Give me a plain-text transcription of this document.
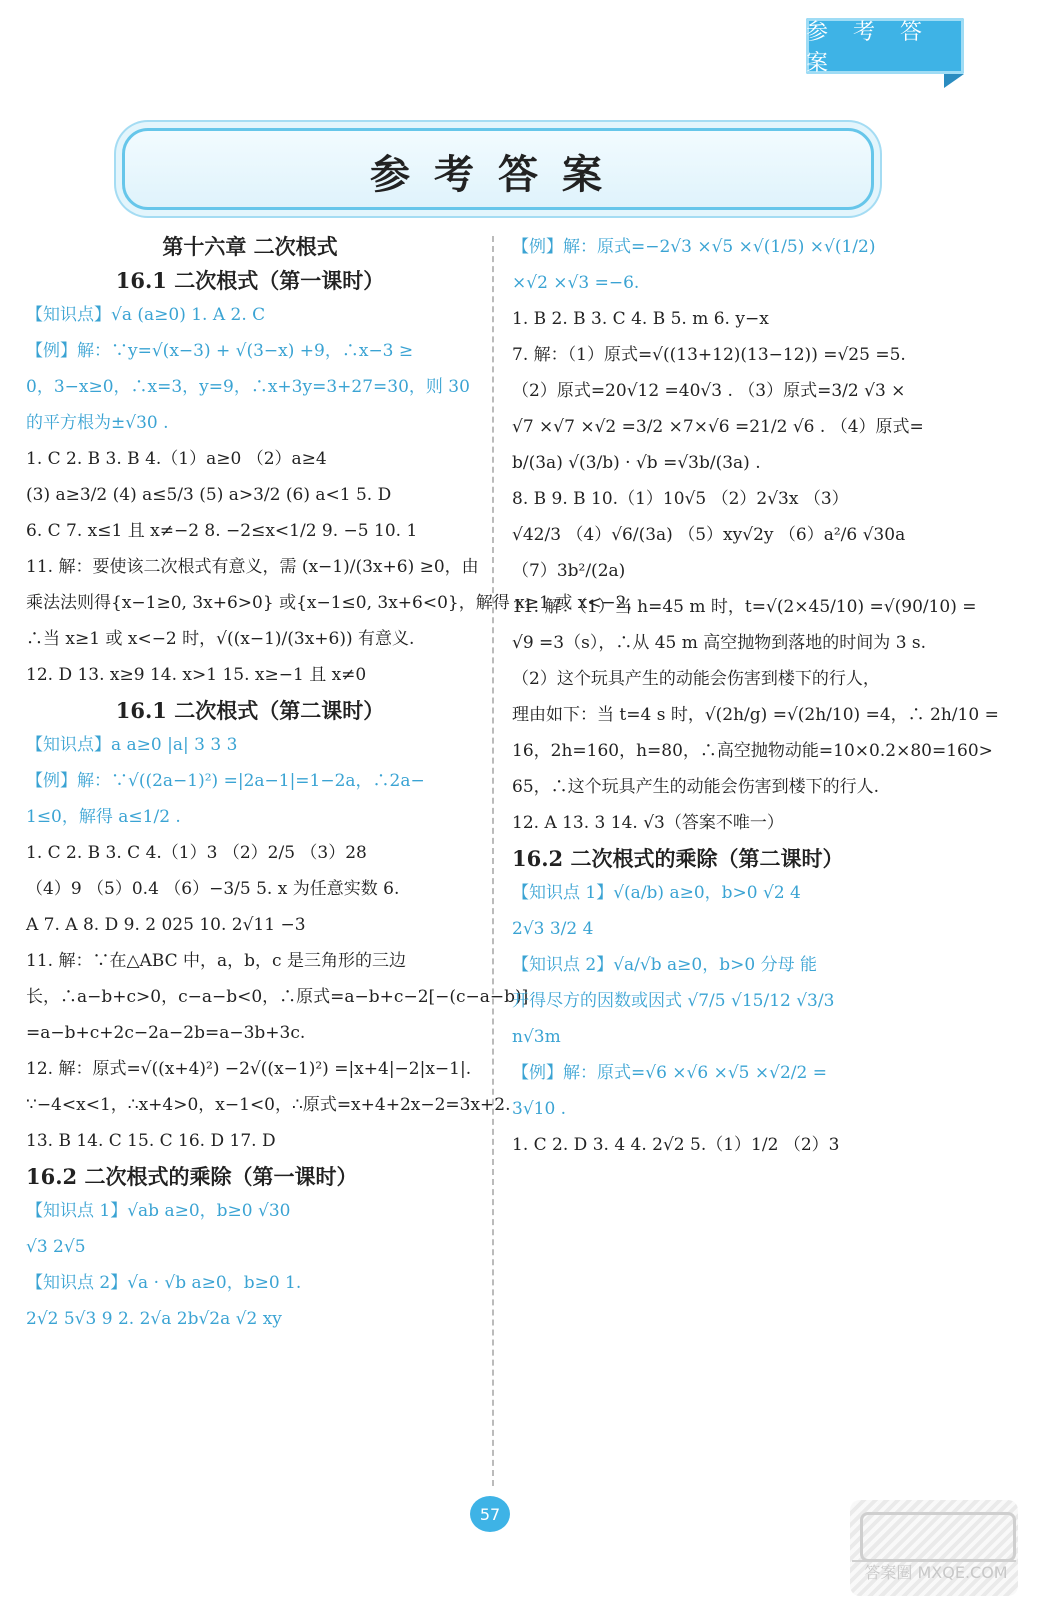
参 考 答 案
参考答案
第十六章 二次根式
16.1 二次根式（第一课时）
【知识点】√a (a≥0) 1. A 2. C
【例】解：∵y=√(x−3) + √(3−x) +9，∴x−3 ≥
0，3−x≥0，∴x=3，y=9，∴x+3y=3+27=30，则 30
的平方根为±√30 .
1. C 2. B 3. B 4.（1）a≥0 （2）a≥4
(3) a≥3/2 (4) a≤5/3 (5) a>3/2 (6) a<1 5. D
6. C 7. x≤1 且 x≠−2 8. −2≤x<1/2 9. −5 10. 1
11. 解：要使该二次根式有意义，需 (x−1)/(3x+6) ≥0，由
乘法法则得{x−1≥0, 3x+6>0} 或{x−1≤0, 3x+6<0}，解得 x≥1 或 x<−2，
∴当 x≥1 或 x<−2 时，√((x−1)/(3x+6)) 有意义.
12. D 13. x≥9 14. x>1 15. x≥−1 且 x≠0
16.1 二次根式（第二课时）
【知识点】a a≥0 |a| 3 3 3
【例】解：∵√((2a−1)²) =|2a−1|=1−2a，∴2a−
1≤0，解得 a≤1/2 .
1. C 2. B 3. C 4.（1）3 （2）2/5 （3）28
（4）9 （5）0.4 （6）−3/5 5. x 为任意实数 6.
A 7. A 8. D 9. 2 025 10. 2√11 −3
11. 解：∵在△ABC 中，a，b，c 是三角形的三边
长，∴a−b+c>0，c−a−b<0，∴原式=a−b+c−2[−(c−a−b)]
=a−b+c+2c−2a−2b=a−3b+3c.
12. 解：原式=√((x+4)²) −2√((x−1)²) =|x+4|−2|x−1|.
∵−4<x<1，∴x+4>0，x−1<0，∴原式=x+4+2x−2=3x+2.
13. B 14. C 15. C 16. D 17. D
16.2 二次根式的乘除（第一课时）
【知识点 1】√ab a≥0，b≥0 √30
√3 2√5
【知识点 2】√a · √b a≥0，b≥0 1.
2√2 5√3 9 2. 2√a 2b√2a √2 xy
【例】解：原式=−2√3 ×√5 ×√(1/5) ×√(1/2)
×√2 ×√3 =−6.
1. B 2. B 3. C 4. B 5. m 6. y−x
7. 解：（1）原式=√((13+12)(13−12)) =√25 =5.
（2）原式=20√12 =40√3 . （3）原式=3/2 √3 ×
√7 ×√7 ×√2 =3/2 ×7×√6 =21/2 √6 . （4）原式=
b/(3a) √(3/b) · √b =√3b/(3a) .
8. B 9. B 10.（1）10√5 （2）2√3x （3）
√42/3 （4）√6/(3a) （5）xy√2y （6）a²/6 √30a
（7）3b²/(2a)
11. 解：（1）当 h=45 m 时，t=√(2×45/10) =√(90/10) =
√9 =3（s），∴从 45 m 高空抛物到落地的时间为 3 s.
（2）这个玩具产生的动能会伤害到楼下的行人，
理由如下：当 t=4 s 时，√(2h/g) =√(2h/10) =4，∴ 2h/10 =
16，2h=160，h=80，∴高空抛物动能=10×0.2×80=160>
65，∴这个玩具产生的动能会伤害到楼下的行人.
12. A 13. 3 14. √3（答案不唯一）
16.2 二次根式的乘除（第二课时）
【知识点 1】√(a/b) a≥0，b>0 √2 4
2√3 3/2 4
【知识点 2】√a/√b a≥0，b>0 分母 能
开得尽方的因数或因式 √7/5 √15/12 √3/3
n√3m
【例】解：原式=√6 ×√6 ×√5 ×√2/2 =
3√10 .
1. C 2. D 3. 4 4. 2√2 5.（1）1/2 （2）3
57
答案圈 MXQE.COM
